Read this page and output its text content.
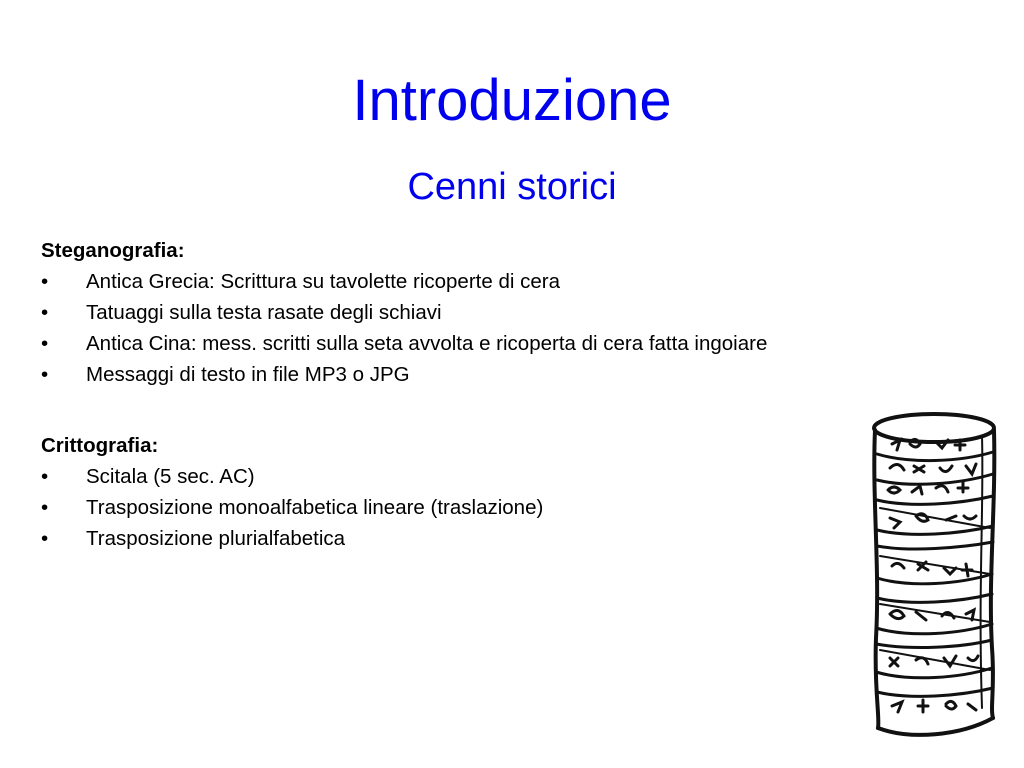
Introduzione
Cenni storici
Steganografia:
• Antica Grecia: Scrittura su tavolette ricoperte di cera
• Tatuaggi sulla testa rasate degli schiavi
• Antica Cina: mess. scritti sulla seta avvolta e ricoperta di cera fatta ingoiare
• Messaggi di testo in file MP3 o JPG
Crittografia:
• Scitala (5 sec. AC)
• Trasposizione monoalfabetica lineare (traslazione)
• Trasposizione plurialfabetica
